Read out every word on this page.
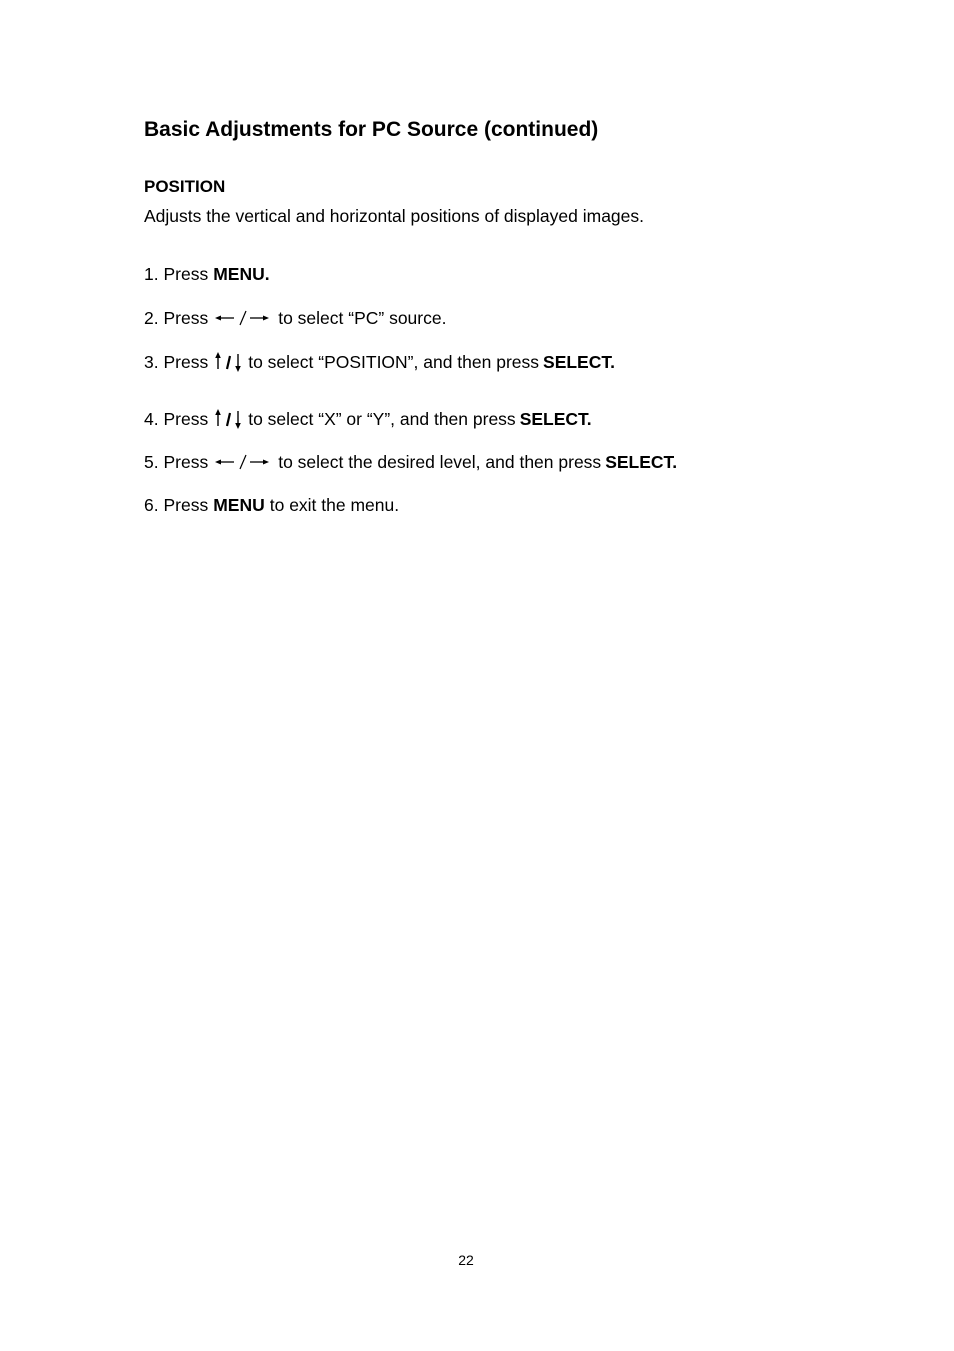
Basic Adjustments for PC Source (continued)
POSITION
Adjusts the vertical and horizontal positions of displayed images.
1. Press MENU.
2. Press	to select “PC” source.
3. Press to select “POSITION”, and then press SELECT.
4. Press to select “X” or “Y”, and then press SELECT.
5. Press	to select the desired level, and then press SELECT.
6. Press MENU to exit the menu.
22
